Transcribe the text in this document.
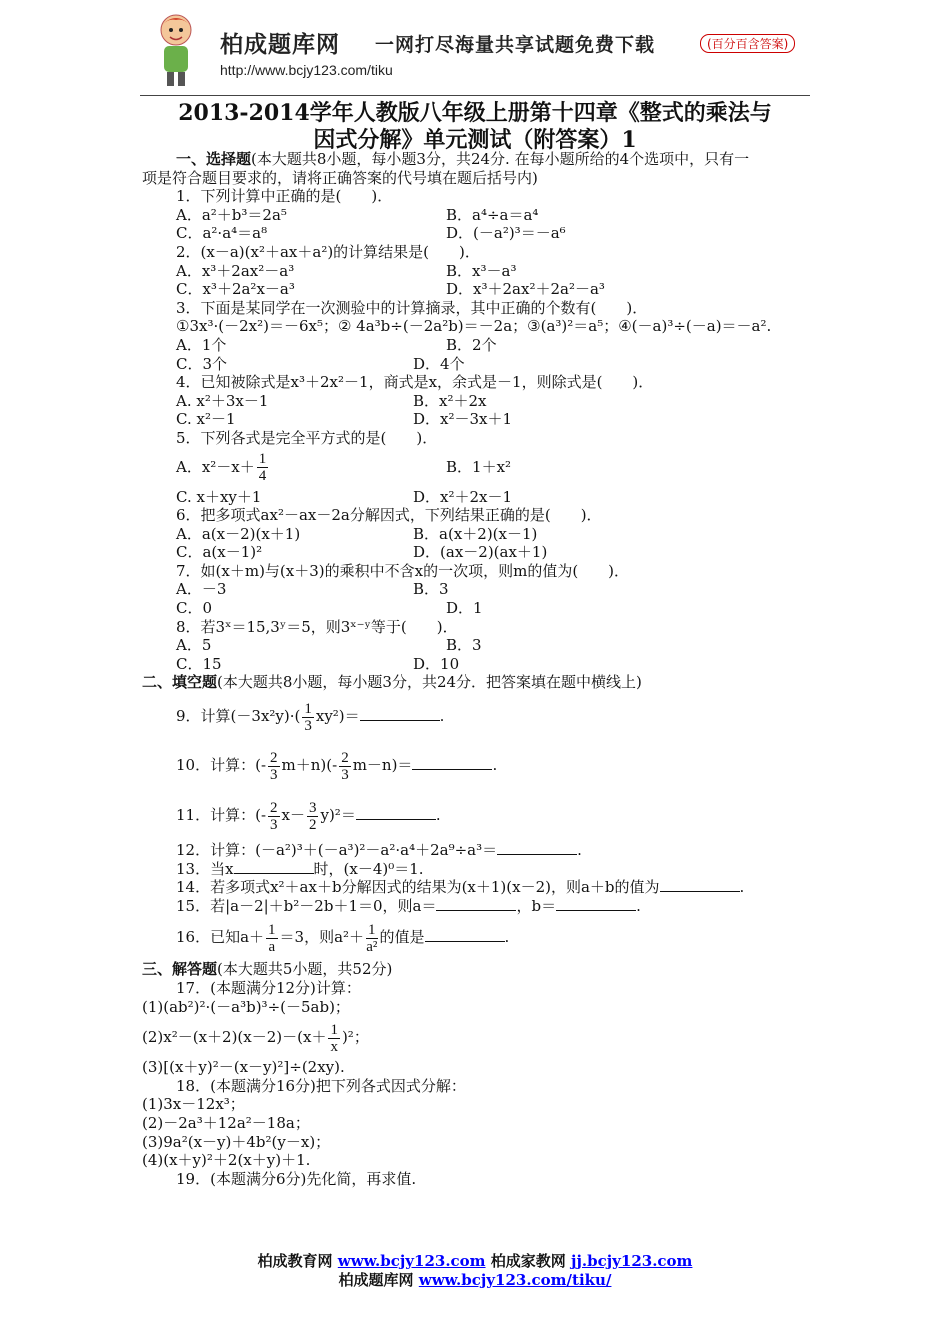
柏成题库网 一网打尽海量共享试题免费下载	(百分百含答案)
http://www.bcjy123.com/tiku
2013-2014学年人教版八年级上册第十四章《整式的乘法与
因式分解》单元测试（附答案）1
一、选择题(本大题共8小题，每小题3分，共24分. 在每小题所给的4个选项中，只有一
项是符合题目要求的，请将正确答案的代号填在题后括号内)
1．下列计算中正确的是(　　)．
A．a²＋b³＝2a⁵	B．a⁴÷a＝a⁴
C．a²·a⁴＝a⁸	D．(－a²)³＝－a⁶
2．(x－a)(x²＋ax＋a²)的计算结果是(　　)．
A．x³＋2ax²－a³	B．x³－a³
C．x³＋2a²x－a³	D．x³＋2ax²＋2a²－a³
3．下面是某同学在一次测验中的计算摘录，其中正确的个数有(　　)．
①3x³·(－2x²)＝－6x⁵；② 4a³b÷(－2a²b)＝－2a；③(a³)²＝a⁵；④(－a)³÷(－a)＝－a².
A．1个	B．2个
C．3个	D．4个
4．已知被除式是x³＋2x²－1，商式是x，余式是－1，则除式是(　　)．
A. x²＋3x－1	B．x²＋2x
C. x²－1	D．x²－3x＋1
5．下列各式是完全平方式的是(　　)．
A．$x^2-x+ \frac{1}{4}$	B．1＋x²
C. x＋xy＋1	D．x²＋2x－1
6．把多项式ax²－ax－2a分解因式，下列结果正确的是(　　)．
A．a(x－2)(x＋1)	B．a(x＋2)(x－1)
C．a(x－1)²	D．(ax－2)(ax＋1)
7．如(x＋m)与(x＋3)的乘积中不含x的一次项，则m的值为(　　)．
A．－3	B．3
C．0	D．1
8．若3ˣ＝15,3ʸ＝5，则3ˣ⁻ʸ等于(　　)．
A．5	B．3
C．15	D．10
二、填空题(本大题共8小题，每小题3分，共24分．把答案填在题中横线上)
9．计算$(-3x^2y)\cdot( \frac{1}{3} xy^2)=$	.
10．计算：(- $\frac{2}{3} m+n)(- \frac{2}{3} m-n)=$	.
11．计算：(- $\frac{2}{3} x- \frac{3}{2} y)^2=$	.
12．计算：(－a²)³＋(－a³)²－a²·a⁴＋2a⁹÷a³＝	.
13．当x	时，(x－4)⁰＝1.
14．若多项式x²＋ax＋b分解因式的结果为(x＋1)(x－2)，则a＋b的值为	.
15．若|a－2|＋b²－2b＋1＝0，则a＝	，b＝	.
16．已知$a+ \frac{1}{a} =3$，则$a^2+ \frac{1}{\text{a²}}$ 的值是	.
三、解答题(本大题共5小题，共52分)
17．(本题满分12分)计算：
(1)(ab²)²·(－a³b)³÷(－5ab)；
$(2)x^2-(x+2)(x-2)-(x+ \frac{1}{x} )^2$；
(3)[(x＋y)²－(x－y)²]÷(2xy).
18．(本题满分16分)把下列各式因式分解：
(1)3x－12x³；
(2)－2a³＋12a²－18a；
(3)9a²(x－y)＋4b²(y－x)；
(4)(x＋y)²＋2(x＋y)＋1.
19．(本题满分6分)先化简，再求值.
柏成教育网 www.bcjy123.com 柏成家教网 jj.bcjy123.com
柏成题库网 www.bcjy123.com/tiku/
